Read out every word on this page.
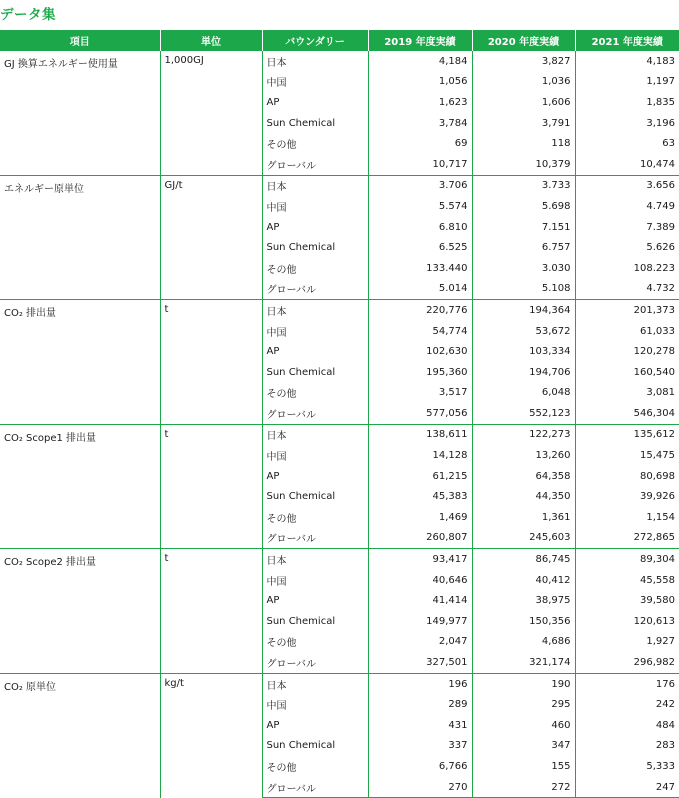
データ集
項目	単位	バウンダリー	2019 年度実績	2020 年度実績	2021 年度実績
GJ 換算エネルギー使用量	1,000GJ	日本	4,184	3,827	4,183
		中国	1,056	1,036	1,197
		AP	1,623	1,606	1,835
		Sun Chemical	3,784	3,791	3,196
		その他	69	118	63
		グローバル	10,717	10,379	10,474
エネルギー原単位	GJ/t	日本	3.706	3.733	3.656
		中国	5.574	5.698	4.749
		AP	6.810	7.151	7.389
		Sun Chemical	6.525	6.757	5.626
		その他	133.440	3.030	108.223
		グローバル	5.014	5.108	4.732
CO₂ 排出量	t	日本	220,776	194,364	201,373
		中国	54,774	53,672	61,033
		AP	102,630	103,334	120,278
		Sun Chemical	195,360	194,706	160,540
		その他	3,517	6,048	3,081
		グローバル	577,056	552,123	546,304
CO₂ Scope1 排出量	t	日本	138,611	122,273	135,612
		中国	14,128	13,260	15,475
		AP	61,215	64,358	80,698
		Sun Chemical	45,383	44,350	39,926
		その他	1,469	1,361	1,154
		グローバル	260,807	245,603	272,865
CO₂ Scope2 排出量	t	日本	93,417	86,745	89,304
		中国	40,646	40,412	45,558
		AP	41,414	38,975	39,580
		Sun Chemical	149,977	150,356	120,613
		その他	2,047	4,686	1,927
		グローバル	327,501	321,174	296,982
CO₂ 原単位	kg/t	日本	196	190	176
		中国	289	295	242
		AP	431	460	484
		Sun Chemical	337	347	283
		その他	6,766	155	5,333
		グローバル	270	272	247
